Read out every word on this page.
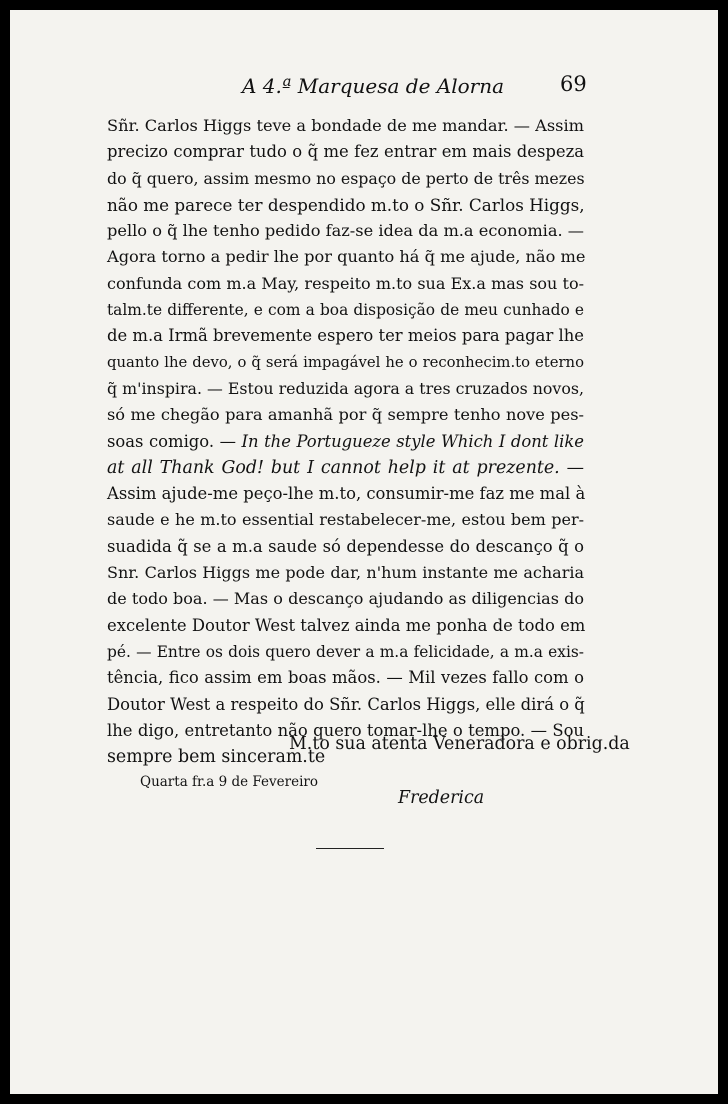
A 4.ª Marquesa de Alorna	69
Sñr. Carlos Higgs teve a bondade de me mandar. — Assim
precizo comprar tudo o q̃ me fez entrar em mais despeza
do q̃ quero, assim mesmo no espaço de perto de três mezes
não me parece ter despendido m.to o Sñr. Carlos Higgs,
pello o q̃ lhe tenho pedido faz-se idea da m.a economia. —
Agora torno a pedir lhe por quanto há q̃ me ajude, não me
confunda com m.a May, respeito m.to sua Ex.a mas sou to-
talm.te differente, e com a boa disposição de meu cunhado e
de m.a Irmã brevemente espero ter meios para pagar lhe
quanto lhe devo, o q̃ será impagável he o reconhecim.to eterno
q̃ m'inspira. — Estou reduzida agora a tres cruzados novos,
só me chegão para amanhã por q̃ sempre tenho nove pes-
soas comigo. — In the Portugueze style Which I dont like
at all Thank God! but I cannot help it at prezente. —
Assim ajude-me peço-lhe m.to, consumir-me faz me mal à
saude e he m.to essential restabelecer-me, estou bem per-
suadida q̃ se a m.a saude só dependesse do descanço q̃ o
Snr. Carlos Higgs me pode dar, n'hum instante me acharia
de todo boa. — Mas o descanço ajudando as diligencias do
excelente Doutor West talvez ainda me ponha de todo em
pé. — Entre os dois quero dever a m.a felicidade, a m.a exis-
tência, fico assim em boas mãos. — Mil vezes fallo com o
Doutor West a respeito do Sñr. Carlos Higgs, elle dirá o q̃
lhe digo, entretanto não quero tomar-lhe o tempo. — Sou
sempre bem sinceram.te
M.to sua atenta Veneradora e obrig.da
Quarta fr.a 9 de Fevereiro
Frederica
